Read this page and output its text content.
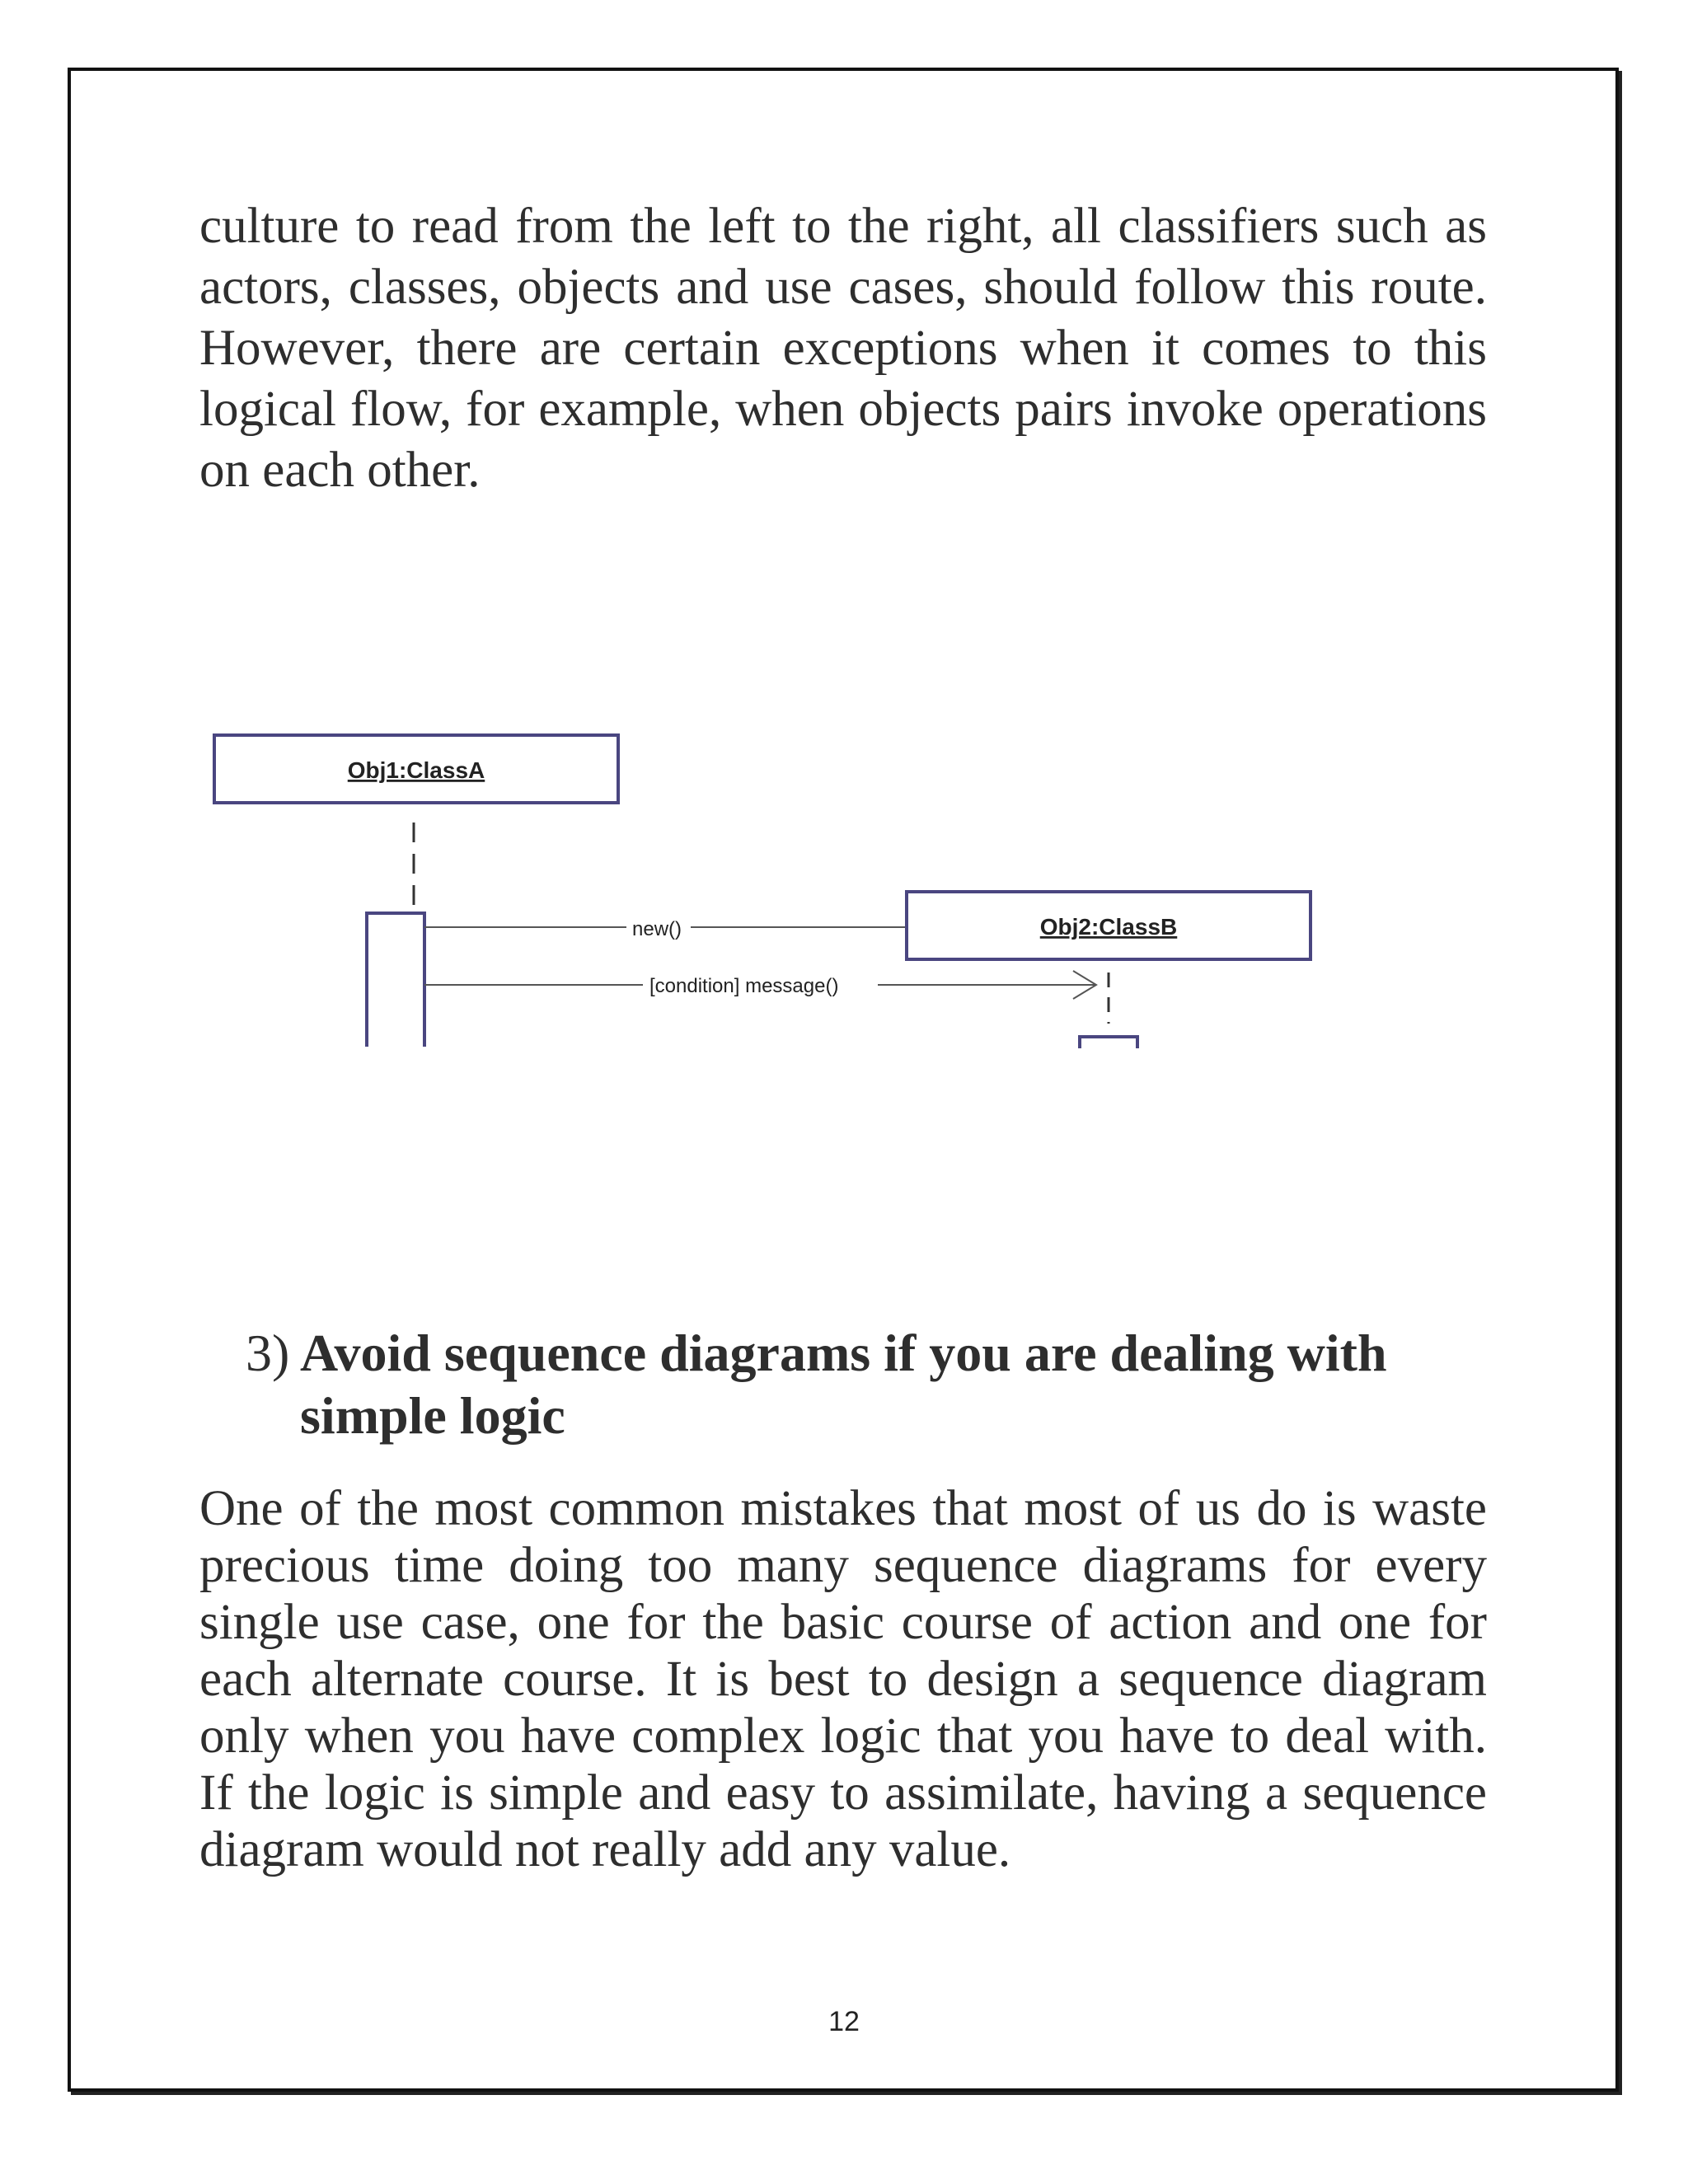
culture to read from the left to the right, all classifiers such as actors, classes, objects and use cases, should follow this route. However, there are certain exceptions when it comes to this logical flow, for example, when objects pairs invoke operations on each other.

Obj1:ClassA
new()	Obj2:ClassB
[condition] message()
3) Avoid sequence diagrams if you are dealing with
simple logic

One of the most common mistakes that most of us do is waste precious time doing too many sequence diagrams for every single use case, one for the basic course of action and one for each alternate course. It is best to design a sequence diagram only when you have complex logic that you have to deal with. If the logic is simple and easy to assimilate, having a sequence diagram would not really add any value.

12
